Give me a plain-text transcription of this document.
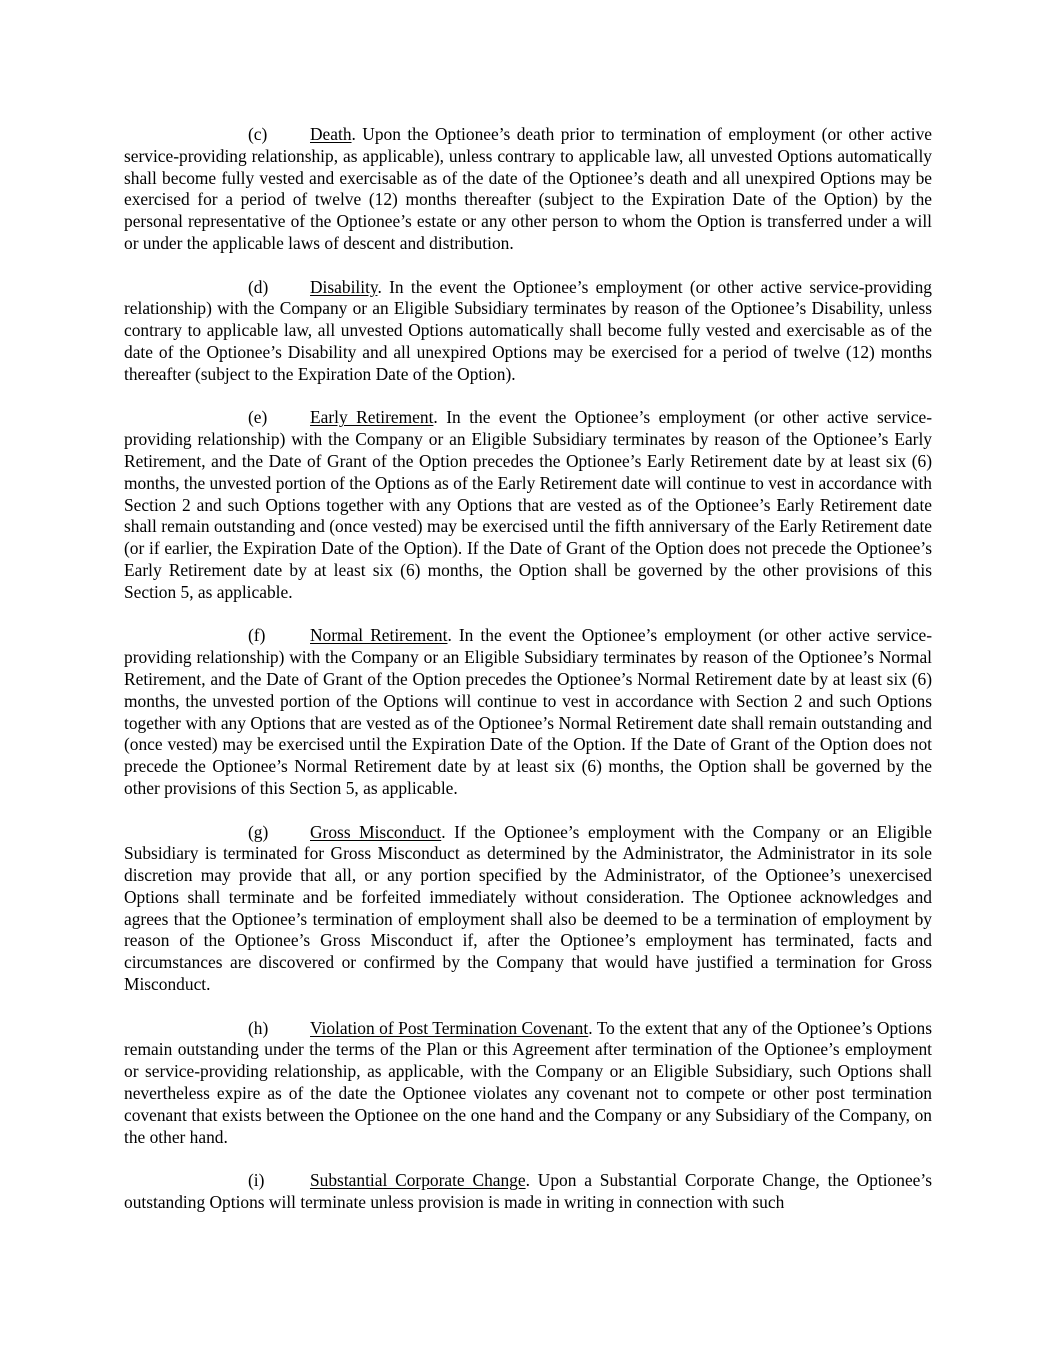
(c) Death. Upon the Optionee’s death prior to termination of employment (or other active service-providing relationship, as applicable), unless contrary to applicable law, all unvested Options automatically shall become fully vested and exercisable as of the date of the Optionee’s death and all unexpired Options may be exercised for a period of twelve (12) months thereafter (subject to the Expiration Date of the Option) by the personal representative of the Optionee’s estate or any other person to whom the Option is transferred under a will or under the applicable laws of descent and distribution.

(d) Disability. In the event the Optionee’s employment (or other active service-providing relationship) with the Company or an Eligible Subsidiary terminates by reason of the Optionee’s Disability, unless contrary to applicable law, all unvested Options automatically shall become fully vested and exercisable as of the date of the Optionee’s Disability and all unexpired Options may be exercised for a period of twelve (12) months thereafter (subject to the Expiration Date of the Option).

(e) Early Retirement. In the event the Optionee’s employment (or other active service-providing relationship) with the Company or an Eligible Subsidiary terminates by reason of the Optionee’s Early Retirement, and the Date of Grant of the Option precedes the Optionee’s Early Retirement date by at least six (6) months, the unvested portion of the Options as of the Early Retirement date will continue to vest in accordance with Section 2 and such Options together with any Options that are vested as of the Optionee’s Early Retirement date shall remain outstanding and (once vested) may be exercised until the fifth anniversary of the Early Retirement date (or if earlier, the Expiration Date of the Option). If the Date of Grant of the Option does not precede the Optionee’s Early Retirement date by at least six (6) months, the Option shall be governed by the other provisions of this Section 5, as applicable.

(f)	Normal Retirement. In the event the Optionee’s employment (or other active service-providing relationship) with the Company or an Eligible Subsidiary terminates by reason of the Optionee’s Normal Retirement, and the Date of Grant of the Option precedes the Optionee’s Normal Retirement date by at least six (6) months, the unvested portion of the Options will continue to vest in accordance with Section 2 and such Options together with any Options that are vested as of the Optionee’s Normal Retirement date shall remain outstanding and (once vested) may be exercised until the Expiration Date of the Option. If the Date of Grant of the Option does not precede the Optionee’s Normal Retirement date by at least six (6) months, the Option shall be governed by the other provisions of this Section 5, as applicable.

(g) Gross Misconduct. If the Optionee’s employment with the Company or an Eligible Subsidiary is terminated for Gross Misconduct as determined by the Administrator, the Administrator in its sole discretion may provide that all, or any portion specified by the Administrator, of the Optionee’s unexercised Options shall terminate and be forfeited immediately without consideration. The Optionee acknowledges and agrees that the Optionee’s termination of employment shall also be deemed to be a termination of employment by reason of the Optionee’s Gross Misconduct if, after the Optionee’s employment has terminated, facts and circumstances are discovered or confirmed by the Company that would have justified a termination for Gross Misconduct.

(h) Violation of Post Termination Covenant. To the extent that any of the Optionee’s Options remain outstanding under the terms of the Plan or this Agreement after termination of the Optionee’s employment or service-providing relationship, as applicable, with the Company or an Eligible Subsidiary, such Options shall nevertheless expire as of the date the Optionee violates any covenant not to compete or other post termination covenant that exists between the Optionee on the one hand and the Company or any Subsidiary of the Company, on the other hand.

(i)	Substantial Corporate Change. Upon a Substantial Corporate Change, the Optionee’s outstanding Options will terminate unless provision is made in writing in connection with such
